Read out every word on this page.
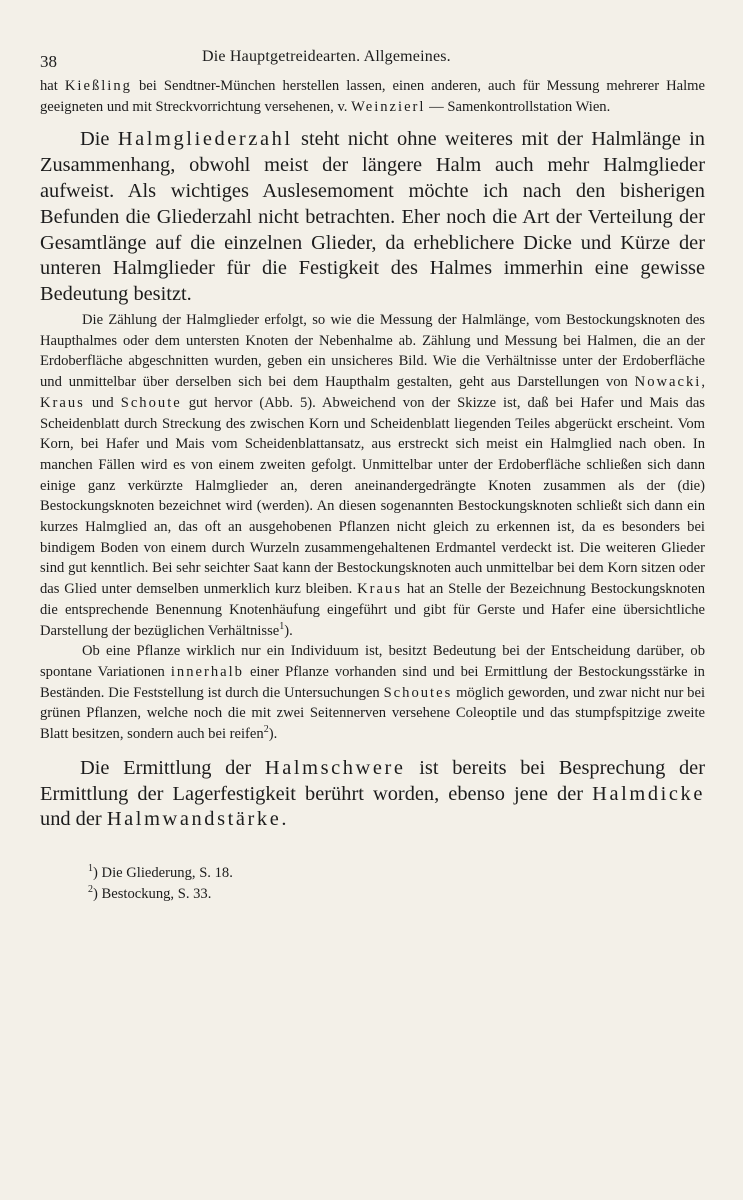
38	Die Hauptgetreidearten. Allgemeines.

hat Kießling bei Sendtner-München herstellen lassen, einen anderen, auch für Messung mehrerer Halme geeigneten und mit Streckvorrichtung versehenen, v. Weinzierl — Samenkontrollstation Wien.

Die Halmgliederzahl steht nicht ohne weiteres mit der Halmlänge in Zusammenhang, obwohl meist der längere Halm auch mehr Halmglieder aufweist. Als wichtiges Auslesemoment möchte ich nach den bisherigen Befunden die Gliederzahl nicht betrachten. Eher noch die Art der Verteilung der Gesamtlänge auf die einzelnen Glieder, da erheblichere Dicke und Kürze der unteren Halmglieder für die Festigkeit des Halmes immerhin eine gewisse Bedeutung besitzt.

Die Zählung der Halmglieder erfolgt, so wie die Messung der Halmlänge, vom Bestockungsknoten des Haupthalmes oder dem untersten Knoten der Nebenhalme ab. Zählung und Messung bei Halmen, die an der Erdoberfläche abgeschnitten wurden, geben ein unsicheres Bild. Wie die Verhältnisse unter der Erdoberfläche und unmittelbar über derselben sich bei dem Haupthalm gestalten, geht aus Darstellungen von Nowacki, Kraus und Schoute gut hervor (Abb. 5). Abweichend von der Skizze ist, daß bei Hafer und Mais das Scheidenblatt durch Streckung des zwischen Korn und Scheidenblatt liegenden Teiles abgerückt erscheint. Vom Korn, bei Hafer und Mais vom Scheidenblattansatz, aus erstreckt sich meist ein Halmglied nach oben. In manchen Fällen wird es von einem zweiten gefolgt. Unmittelbar unter der Erdoberfläche schließen sich dann einige ganz verkürzte Halmglieder an, deren aneinandergedrängte Knoten zusammen als der (die) Bestockungsknoten bezeichnet wird (werden). An diesen sogenannten Bestockungsknoten schließt sich dann ein kurzes Halmglied an, das oft an ausgehobenen Pflanzen nicht gleich zu erkennen ist, da es besonders bei bindigem Boden von einem durch Wurzeln zusammengehaltenen Erdmantel verdeckt ist. Die weiteren Glieder sind gut kenntlich. Bei sehr seichter Saat kann der Bestockungsknoten auch unmittelbar bei dem Korn sitzen oder das Glied unter demselben unmerklich kurz bleiben. Kraus hat an Stelle der Bezeichnung Bestockungsknoten die entsprechende Benennung Knotenhäufung eingeführt und gibt für Gerste und Hafer eine übersichtliche Darstellung der bezüglichen Verhältnisse$^1$).

Ob eine Pflanze wirklich nur ein Individuum ist, besitzt Bedeutung bei der Entscheidung darüber, ob spontane Variationen innerhalb einer Pflanze vorhanden sind und bei Ermittlung der Bestockungsstärke in Beständen. Die Feststellung ist durch die Untersuchungen Schoutes möglich geworden, und zwar nicht nur bei grünen Pflanzen, welche noch die mit zwei Seitennerven versehene Coleoptile und das stumpfspitzige zweite Blatt besitzen, sondern auch bei reifen$^2$).

Die Ermittlung der Halmschwere ist bereits bei Besprechung der Ermittlung der Lagerfestigkeit berührt worden, ebenso jene der Halmdicke und der Halmwandstärke.

$^1$) Die Gliederung, S. 18.
$^2$) Bestockung, S. 33.
